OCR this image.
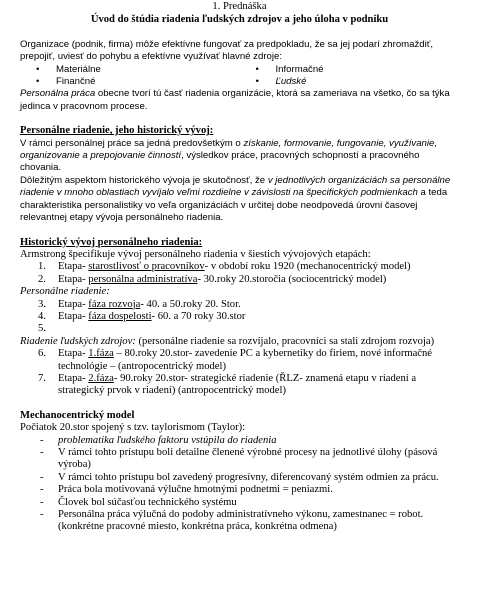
1. Prednáška
Úvod do štúdia riadenia ľudských zdrojov a jeho úloha v podniku
Organizace (podnik, firma) môže efektívne fungovať za predpokladu, že sa jej podarí zhromaždiť, prepojiť, uviesť do pohybu a efektívne využívať hlavné zdroje:
• Materiálne
• Finančné
• Informačné
• Ľudské
Personálna práca obecne tvorí tú časť riadenia organizácie, ktorá sa zameriava na všetko, čo sa týka jedinca v pracovnom procese.
Personálne riadenie, jeho historický vývoj:
V rámci personálnej práce sa jedná predovšetkým o získanie, formovanie, fungovanie, využívanie, organizovanie a prepojovanie činností, výsledkov práce, pracovných schopností a pracovného chovania.
Dôležitým aspektom historického vývoja je skutočnosť, že v jednotlivých organizáciách sa personálne riadenie v mnoho oblastiach vyvíjalo veľmi rozdielne v závislosti na špecifických podmienkach a teda charakteristika personalistiky vo veľa organizáciách v určitej dobe neodpovedá úrovni časovej relevantnej etapy vývoja personálneho riadenia.
Historický vývoj personálneho riadenia:
Armstrong špecifikuje vývoj personálneho riadenia v šiestich vývojových etapách:
1. Etapa- starostlivosť o pracovníkov- v období roku 1920 (mechanocentrický model)
2. Etapa- personálna administratíva- 30.roky 20.storočia (sociocentrický model)
Personálne riadenie:
3. Etapa- fáza rozvoja- 40. a 50.roky 20. Stor.
4. Etapa- fáza dospelosti- 60. a 70 roky 30.stor
5.

Riadenie ľudských zdrojov: (personálne riadenie sa rozvíjalo, pracovníci sa stali zdrojom rozvoja)
6. Etapa- 1.fáza – 80.roky 20.stor- zavedenie PC a kybernetiky do firiem, nové informačné technológie – (antropocentrický model)
7. Etapa- 2.fáza- 90.roky 20.stor- strategické riadenie (ŘLZ- znamená etapu v riadení a strategický prvok v riadení) (antropocentrický model)
Mechanocentrický model
Počiatok 20.stor spojený s tzv. taylorismom (Taylor):
- problematika ľudského faktoru vstúpila do riadenia
- V rámci tohto prístupu boli detailne členené výrobné procesy na jednotlivé úlohy (pásová výroba)
- V rámci tohto prístupu bol zavedený progresívny, diferencovaný systém odmien za prácu.
- Práca bola motivovaná výlučne hmotnými podnetmi = peniazmi.
- Človek bol súčasťou technického systému
- Personálna práca výlučná do podoby administratívneho výkonu, zamestnanec = robot. (konkrétne pracovné miesto, konkrétna práca, konkrétna odmena)
